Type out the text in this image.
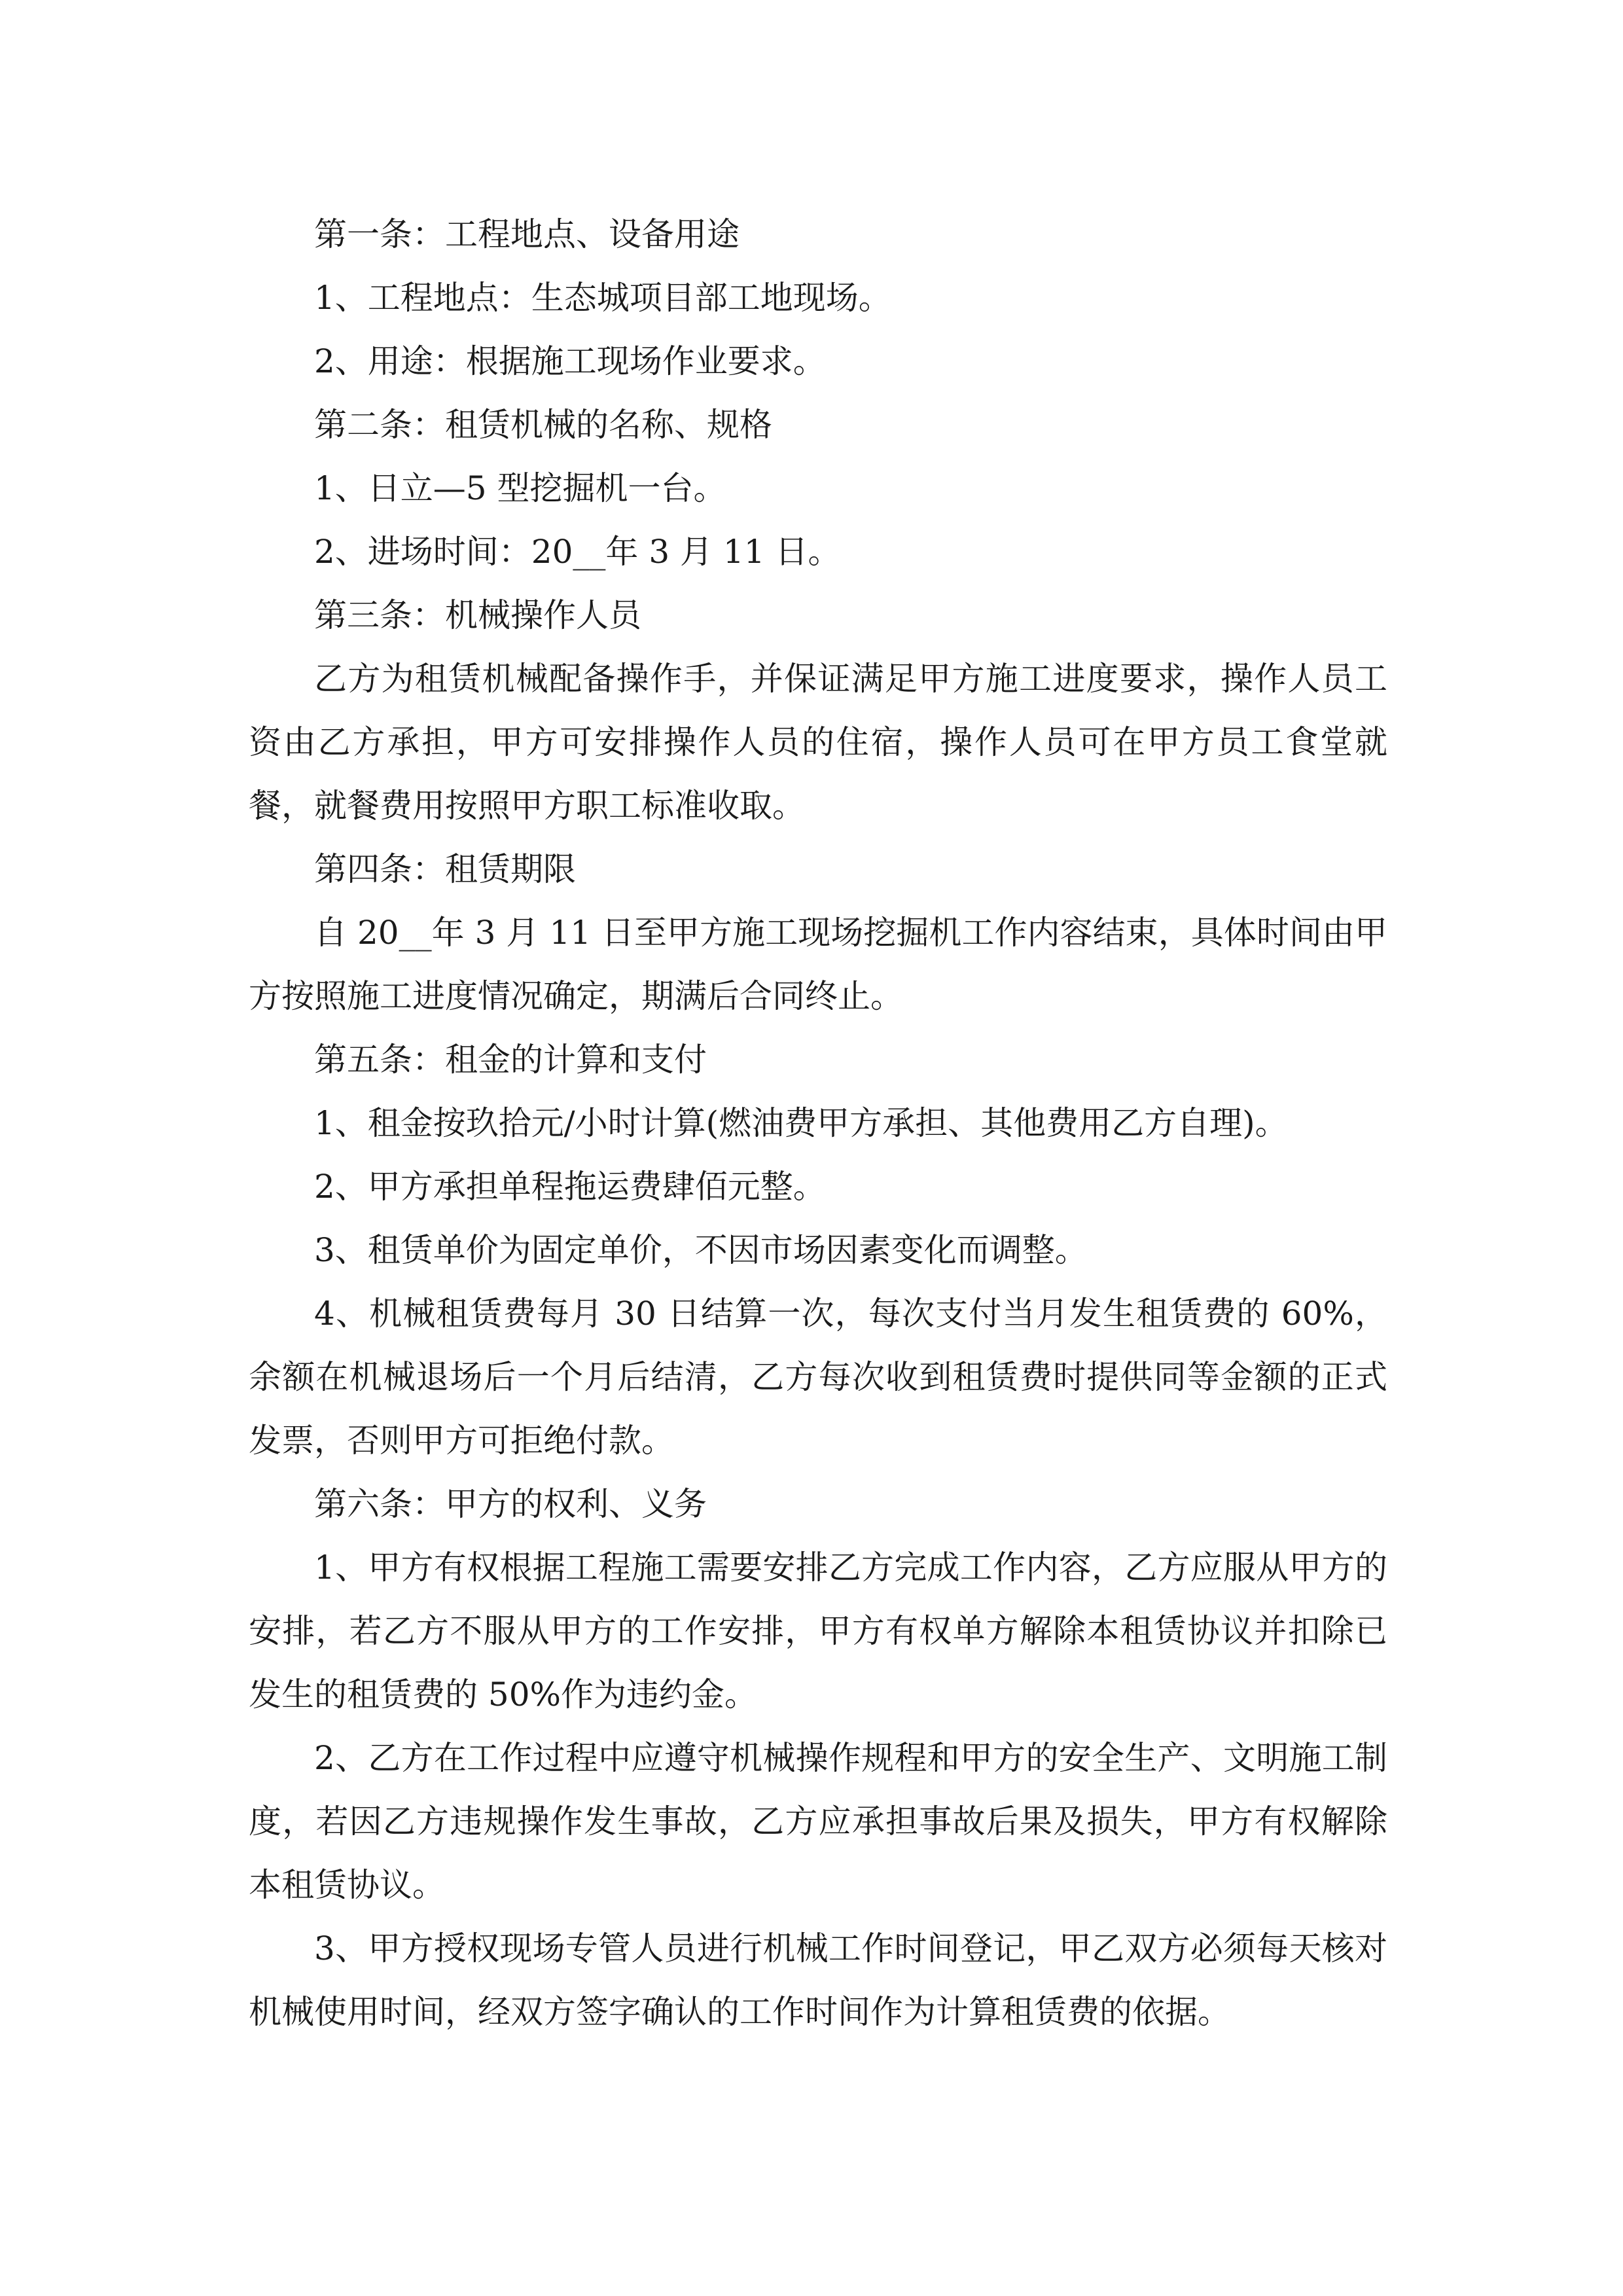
第一条：工程地点、设备用途

1、工程地点：生态城项目部工地现场。

2、用途：根据施工现场作业要求。

第二条：租赁机械的名称、规格

1、日立—5 型挖掘机一台。

2、进场时间：20__年 3 月 11 日。

第三条：机械操作人员

乙方为租赁机械配备操作手，并保证满足甲方施工进度要求，操作人员工资由乙方承担，甲方可安排操作人员的住宿，操作人员可在甲方员工食堂就餐，就餐费用按照甲方职工标准收取。

第四条：租赁期限

自 20__年 3 月 11 日至甲方施工现场挖掘机工作内容结束，具体时间由甲方按照施工进度情况确定，期满后合同终止。

第五条：租金的计算和支付

1、租金按玖拾元/小时计算(燃油费甲方承担、其他费用乙方自理)。

2、甲方承担单程拖运费肆佰元整。

3、租赁单价为固定单价，不因市场因素变化而调整。

4、机械租赁费每月 30 日结算一次，每次支付当月发生租赁费的 60%，余额在机械退场后一个月后结清，乙方每次收到租赁费时提供同等金额的正式发票，否则甲方可拒绝付款。

第六条：甲方的权利、义务

1、甲方有权根据工程施工需要安排乙方完成工作内容，乙方应服从甲方的安排，若乙方不服从甲方的工作安排，甲方有权单方解除本租赁协议并扣除已发生的租赁费的 50%作为违约金。

2、乙方在工作过程中应遵守机械操作规程和甲方的安全生产、文明施工制度，若因乙方违规操作发生事故，乙方应承担事故后果及损失，甲方有权解除本租赁协议。

3、甲方授权现场专管人员进行机械工作时间登记，甲乙双方必须每天核对机械使用时间，经双方签字确认的工作时间作为计算租赁费的依据。
